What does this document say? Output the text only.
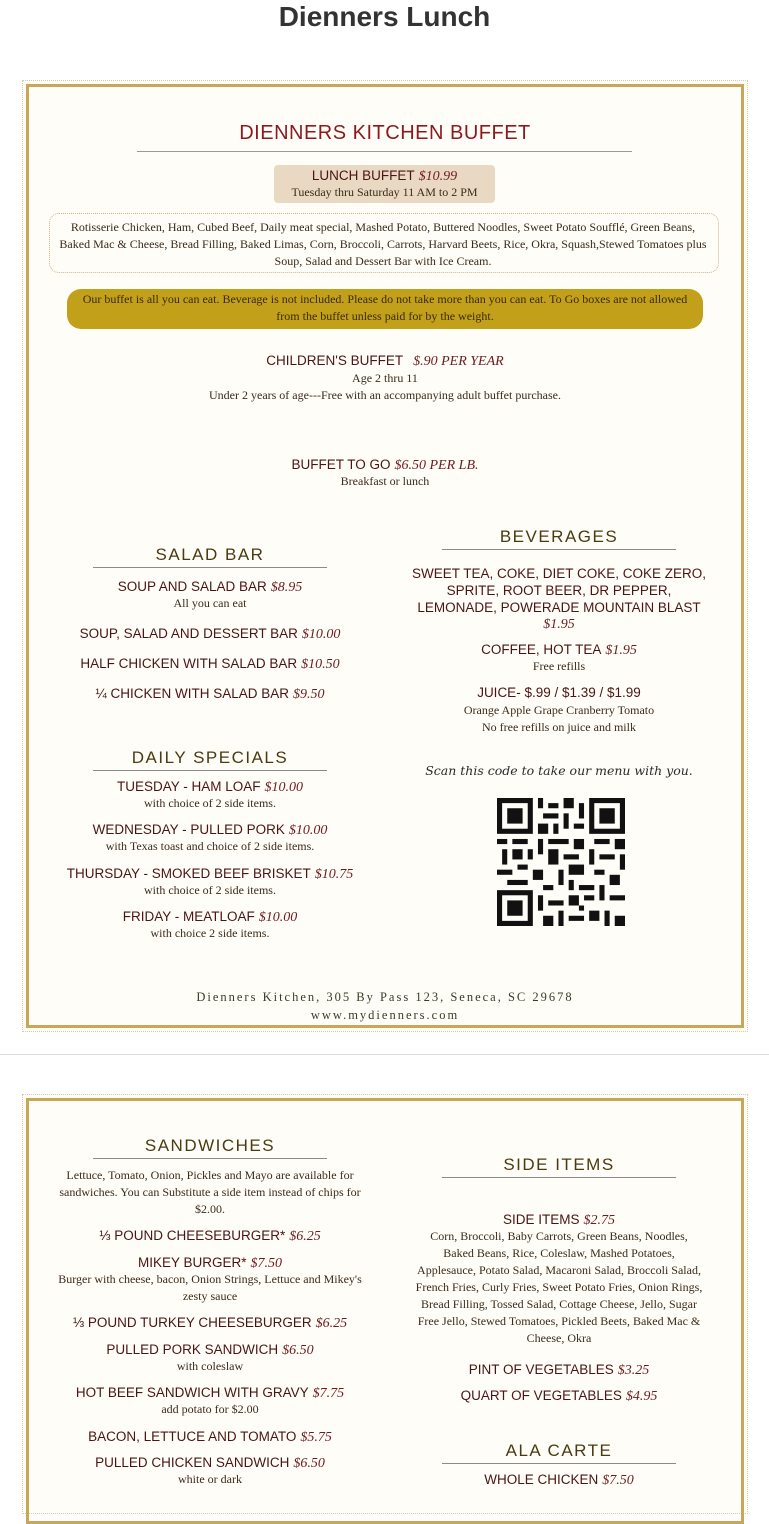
Dienners Lunch
DIENNERS KITCHEN BUFFET
LUNCH BUFFET $10.99
Tuesday thru Saturday 11 AM to 2 PM
Rotisserie Chicken, Ham, Cubed Beef, Daily meat special, Mashed Potato, Buttered Noodles, Sweet Potato Soufflé, Green Beans, Baked Mac & Cheese, Bread Filling, Baked Limas, Corn, Broccoli, Carrots, Harvard Beets, Rice, Okra, Squash,Stewed Tomatoes plus Soup, Salad and Dessert Bar with Ice Cream.
Our buffet is all you can eat. Beverage is not included. Please do not take more than you can eat. To Go boxes are not allowed from the buffet unless paid for by the weight.
CHILDREN'S BUFFET $.90 PER YEAR
Age 2 thru 11
Under 2 years of age---Free with an accompanying adult buffet purchase.
BUFFET TO GO $6.50 PER LB.
Breakfast or lunch
SALAD BAR
SOUP AND SALAD BAR $8.95
All you can eat
SOUP, SALAD AND DESSERT BAR $10.00
HALF CHICKEN WITH SALAD BAR $10.50
¼ CHICKEN WITH SALAD BAR $9.50
DAILY SPECIALS
TUESDAY - HAM LOAF $10.00
with choice of 2 side items.
WEDNESDAY - PULLED PORK $10.00
with Texas toast and choice of 2 side items.
THURSDAY - SMOKED BEEF BRISKET $10.75
with choice of 2 side items.
FRIDAY - MEATLOAF $10.00
with choice 2 side items.
BEVERAGES
SWEET TEA, COKE, DIET COKE, COKE ZERO,
SPRITE, ROOT BEER, DR PEPPER,
LEMONADE, POWERADE MOUNTAIN BLAST
$1.95
COFFEE, HOT TEA $1.95
Free refills
JUICE- $.99 / $1.39 / $1.99
Orange Apple Grape Cranberry Tomato
No free refills on juice and milk
Scan this code to take our menu with you.
Dienners Kitchen, 305 By Pass 123, Seneca, SC 29678
www.mydienners.com
SANDWICHES
Lettuce, Tomato, Onion, Pickles and Mayo are available for sandwiches. You can Substitute a side item instead of chips for $2.00.
⅓ POUND CHEESEBURGER* $6.25
MIKEY BURGER* $7.50
Burger with cheese, bacon, Onion Strings, Lettuce and Mikey's zesty sauce
⅓ POUND TURKEY CHEESEBURGER $6.25
PULLED PORK SANDWICH $6.50
with coleslaw
HOT BEEF SANDWICH WITH GRAVY $7.75
add potato for $2.00
BACON, LETTUCE AND TOMATO $5.75
PULLED CHICKEN SANDWICH $6.50
white or dark
SIDE ITEMS
SIDE ITEMS $2.75
Corn, Broccoli, Baby Carrots, Green Beans, Noodles, Baked Beans, Rice, Coleslaw, Mashed Potatoes, Applesauce, Potato Salad, Macaroni Salad, Broccoli Salad, French Fries, Curly Fries, Sweet Potato Fries, Onion Rings, Bread Filling, Tossed Salad, Cottage Cheese, Jello, Sugar Free Jello, Stewed Tomatoes, Pickled Beets, Baked Mac & Cheese, Okra
PINT OF VEGETABLES $3.25
QUART OF VEGETABLES $4.95
ALA CARTE
WHOLE CHICKEN $7.50
